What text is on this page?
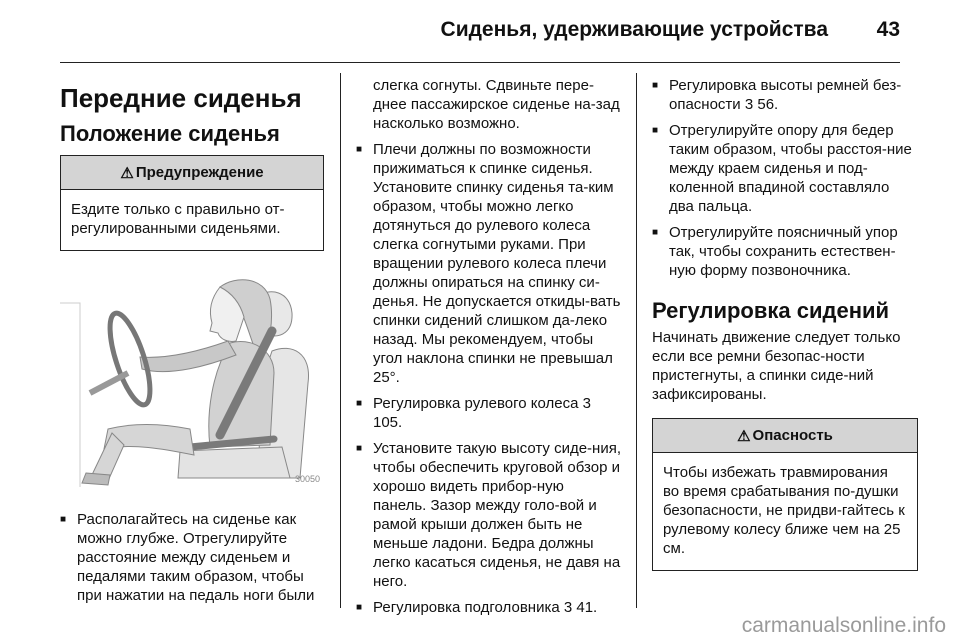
Сиденья, удерживающие устройства 43
Передние сиденья
Положение сиденья
⚠ Предупреждение
Ездите только с правильно от-регулированными сиденьями.
30050
■ Располагайтесь на сиденье как можно глубже. Отрегулируйте расстояние между сиденьем и педалями таким образом, чтобы при нажатии на педаль ноги были
слегка согнуты. Сдвиньте пере-днее пассажирское сиденье на-зад насколько возможно.
■ Плечи должны по возможности прижиматься к спинке сиденья. Установите спинку сиденья та-ким образом, чтобы можно легко дотянуться до рулевого колеса слегка согнутыми руками. При вращении рулевого колеса плечи должны опираться на спинку си-денья. Не допускается откиды-вать спинки сидений слишком да-леко назад. Мы рекомендуем, чтобы угол наклона спинки не превышал 25°.
■ Регулировка рулевого колеса 3 105.
■ Установите такую высоту сиде-ния, чтобы обеспечить круговой обзор и хорошо видеть прибор-ную панель. Зазор между голо-вой и рамой крыши должен быть не меньше ладони. Бедра должны легко касаться сиденья, не давя на него.
■ Регулировка подголовника 3 41.
■ Регулировка высоты ремней без-опасности 3 56.
■ Отрегулируйте опору для бедер таким образом, чтобы расстоя-ние между краем сиденья и под-коленной впадиной составляло два пальца.
■ Отрегулируйте поясничный упор так, чтобы сохранить естествен-ную форму позвоночника.
Регулировка сидений

Начинать движение следует только если все ремни безопас-ности пристегнуты, а спинки сиде-ний зафиксированы.

⚠ Опасность
Чтобы избежать травмирования во время срабатывания по-душки безопасности, не придви-гайтесь к рулевому колесу ближе чем на 25 см.
carmanualsonline.info
